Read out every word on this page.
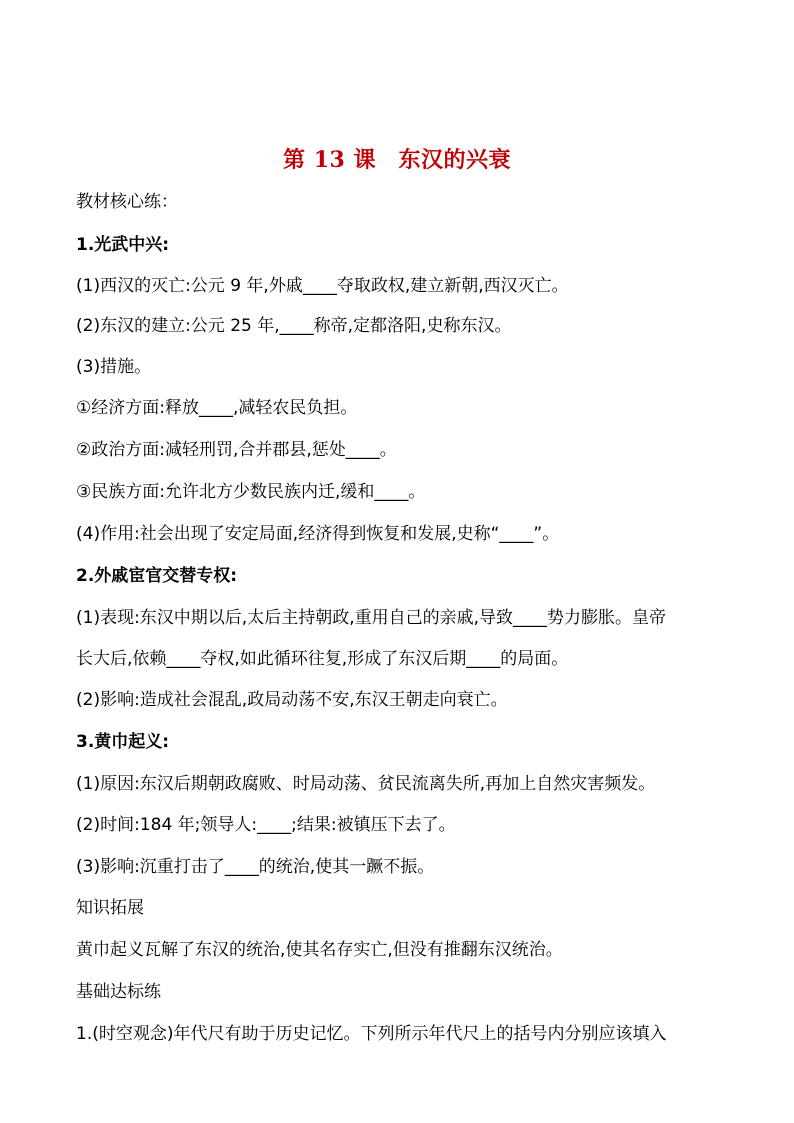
第 13 课　东汉的兴衰
教材核心练：
1.光武中兴:
(1)西汉的灭亡:公元 9 年,外戚____夺取政权,建立新朝,西汉灭亡。
(2)东汉的建立:公元 25 年,____称帝,定都洛阳,史称东汉。
(3)措施。
①经济方面:释放____,减轻农民负担。
②政治方面:减轻刑罚,合并郡县,惩处____。
③民族方面:允许北方少数民族内迁,缓和____。
(4)作用:社会出现了安定局面,经济得到恢复和发展,史称“____”。
2.外戚宦官交替专权:
(1)表现:东汉中期以后,太后主持朝政,重用自己的亲戚,导致____势力膨胀。皇帝
长大后,依赖____夺权,如此循环往复,形成了东汉后期____的局面。
(2)影响:造成社会混乱,政局动荡不安,东汉王朝走向衰亡。
3.黄巾起义:
(1)原因:东汉后期朝政腐败、时局动荡、贫民流离失所,再加上自然灾害频发。
(2)时间:184 年;领导人:____;结果:被镇压下去了。
(3)影响:沉重打击了____的统治,使其一蹶不振。
知识拓展
黄巾起义瓦解了东汉的统治,使其名存实亡,但没有推翻东汉统治。
基础达标练
1.(时空观念)年代尺有助于历史记忆。下列所示年代尺上的括号内分别应该填入
